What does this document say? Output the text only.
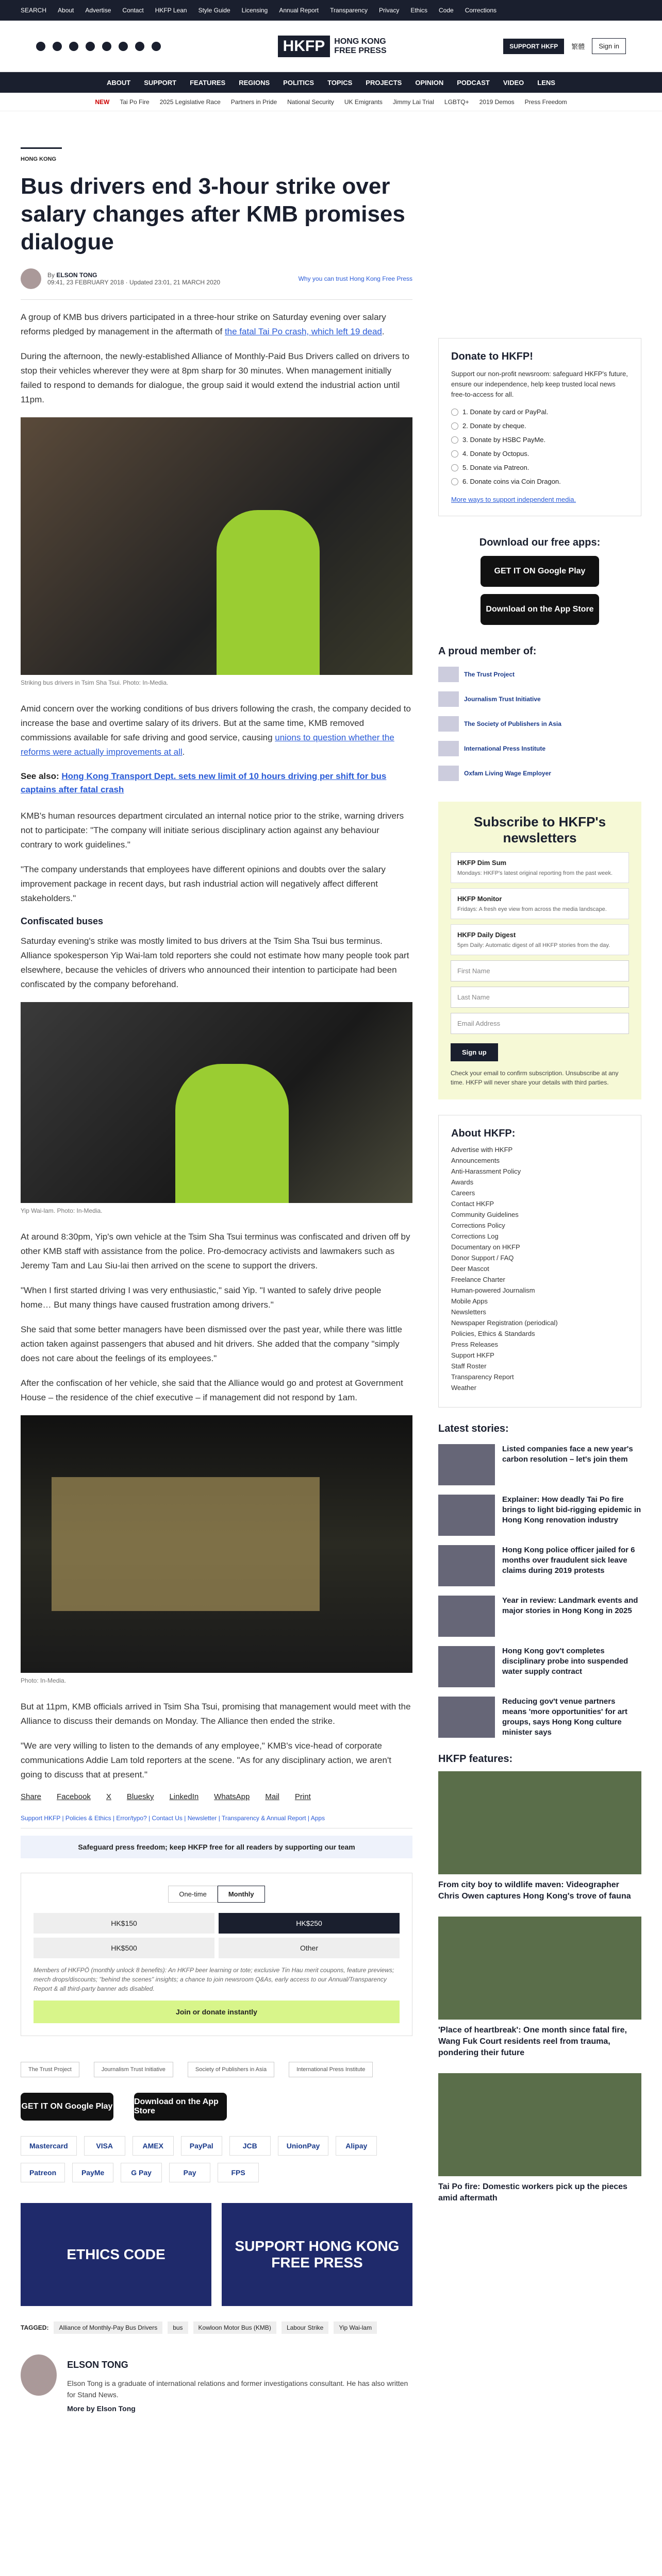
SEARCH About Advertise Contact HKFP Lean Style Guide Licensing Annual Report Transparency Privacy Ethics Code Corrections
HKFP	HONG KONG
FREE PRESS	SUPPORT HKFP	繁體	Sign in
ABOUT SUPPORT FEATURES REGIONS POLITICS TOPICS PROJECTS OPINION PODCAST VIDEO LENS
NEW Tai Po Fire 2025 Legislative Race Partners in Pride National Security UK Emigrants Jimmy Lai Trial LGBTQ+ 2019 Demos Press Freedom
HONG KONG
Bus drivers end 3-hour strike over salary changes after KMB promises dialogue
By ELSON TONG
09:41, 23 FEBRUARY 2018 · Updated 23:01, 21 MARCH 2020	Why you can trust Hong Kong Free Press

A group of KMB bus drivers participated in a three-hour strike on Saturday evening over salary reforms pledged by management in the aftermath of the fatal Tai Po crash, which left 19 dead.

During the afternoon, the newly-established Alliance of Monthly-Paid Bus Drivers called on drivers to stop their vehicles wherever they were at 8pm sharp for 30 minutes. When management initially failed to respond to demands for dialogue, the group said it would extend the industrial action until 11pm.

Striking bus drivers in Tsim Sha Tsui. Photo: In-Media.

Amid concern over the working conditions of bus drivers following the crash, the company decided to increase the base and overtime salary of its drivers. But at the same time, KMB removed commissions available for safe driving and good service, causing unions to question whether the reforms were actually improvements at all.

See also: Hong Kong Transport Dept. sets new limit of 10 hours driving per shift for bus captains after fatal crash

KMB's human resources department circulated an internal notice prior to the strike, warning drivers not to participate: "The company will initiate serious disciplinary action against any behaviour contrary to work guidelines."

"The company understands that employees have different opinions and doubts over the salary improvement package in recent days, but rash industrial action will negatively affect different stakeholders."

Confiscated buses

Saturday evening's strike was mostly limited to bus drivers at the Tsim Sha Tsui bus terminus. Alliance spokesperson Yip Wai-lam told reporters she could not estimate how many people took part elsewhere, because the vehicles of drivers who announced their intention to participate had been confiscated by the company beforehand.

Yip Wai-lam. Photo: In-Media.

At around 8:30pm, Yip's own vehicle at the Tsim Sha Tsui terminus was confiscated and driven off by other KMB staff with assistance from the police. Pro-democracy activists and lawmakers such as Jeremy Tam and Lau Siu-lai then arrived on the scene to support the drivers.

"When I first started driving I was very enthusiastic," said Yip. "I wanted to safely drive people home… But many things have caused frustration among drivers."

She said that some better managers have been dismissed over the past year, while there was little action taken against passengers that abused and hit drivers. She added that the company "simply does not care about the feelings of its employees."

After the confiscation of her vehicle, she said that the Alliance would go and protest at Government House – the residence of the chief executive – if management did not respond by 1am.

Photo: In-Media.

But at 11pm, KMB officials arrived in Tsim Sha Tsui, promising that management would meet with the Alliance to discuss their demands on Monday. The Alliance then ended the strike.

"We are very willing to listen to the demands of any employee," KMB's vice-head of corporate communications Addie Lam told reporters at the scene. "As for any disciplinary action, we aren't going to discuss that at present."

Share Facebook X Bluesky LinkedIn WhatsApp Mail Print
Support HKFP | Policies & Ethics | Error/typo? | Contact Us | Newsletter | Transparency & Annual Report | Apps
Safeguard press freedom; keep HKFP free for all readers by supporting our team
One-time	Monthly
HK$150	HK$250
HK$500	Other
Members of HKFPÖ (monthly unlock 8 benefits): An HKFP beer learning or tote; exclusive Tin Hau merit coupons, feature previews; merch drops/discounts; "behind the scenes" insights; a chance to join newsroom Q&As, early access to our Annual/Transparency Report & all third-party banner ads disabled.
Join or donate instantly
The Trust Project	Journalism Trust Initiative	Society of Publishers in Asia	International Press Institute
GET IT ON Google Play
Download on the App Store
Mastercard	VISA	AMEX	PayPal	JCB	UnionPay	Alipay
Patreon	PayMe	G Pay	Pay	FPS
ETHICS CODE
SUPPORT HONG KONG FREE PRESS
TAGGED:	Alliance of Monthly-Pay Bus Drivers	bus	Kowloon Motor Bus (KMB)	Labour Strike	Yip Wai-lam
ELSON TONG
Elson Tong is a graduate of international relations and former investigations consultant. He has also written for Stand News.
More by Elson Tong
Donate to HKFP!
Support our non-profit newsroom: safeguard HKFP's future, ensure our independence, help keep trusted local news free-to-access for all.
1. Donate by card or PayPal.
2. Donate by cheque.
3. Donate by HSBC PayMe.
4. Donate by Octopus.
5. Donate via Patreon.
6. Donate coins via Coin Dragon.
More ways to support independent media.
Download our free apps:
GET IT ON Google Play
Download on the App Store
A proud member of:
The Trust Project
Journalism Trust Initiative
The Society of Publishers in Asia
International Press Institute
Oxfam Living Wage Employer
Subscribe to HKFP's newsletters
HKFP Dim Sum
Mondays: HKFP's latest original reporting from the past week.
HKFP Monitor
Fridays: A fresh eye view from across the media landscape.
HKFP Daily Digest
5pm Daily: Automatic digest of all HKFP stories from the day.
First Name
Last Name
Email Address
Sign up
Check your email to confirm subscription. Unsubscribe at any time. HKFP will never share your details with third parties.
About HKFP:
Advertise with HKFP
Announcements
Anti-Harassment Policy
Awards
Careers
Contact HKFP
Community Guidelines
Corrections Policy
Corrections Log
Documentary on HKFP
Donor Support / FAQ
Deer Mascot
Freelance Charter
Human-powered Journalism
Mobile Apps
Newsletters
Newspaper Registration (periodical)
Policies, Ethics & Standards
Press Releases
Support HKFP
Staff Roster
Transparency Report
Weather
Latest stories:
Listed companies face a new year's carbon resolution – let's join them
Explainer: How deadly Tai Po fire brings to light bid-rigging epidemic in Hong Kong renovation industry
Hong Kong police officer jailed for 6 months over fraudulent sick leave claims during 2019 protests
Year in review: Landmark events and major stories in Hong Kong in 2025
Hong Kong gov't completes disciplinary probe into suspended water supply contract
Reducing gov't venue partners means 'more opportunities' for art groups, says Hong Kong culture minister says
HKFP features:
From city boy to wildlife maven: Videographer Chris Owen captures Hong Kong's trove of fauna
'Place of heartbreak': One month since fatal fire, Wang Fuk Court residents reel from trauma, pondering their future
Tai Po fire: Domestic workers pick up the pieces amid aftermath
